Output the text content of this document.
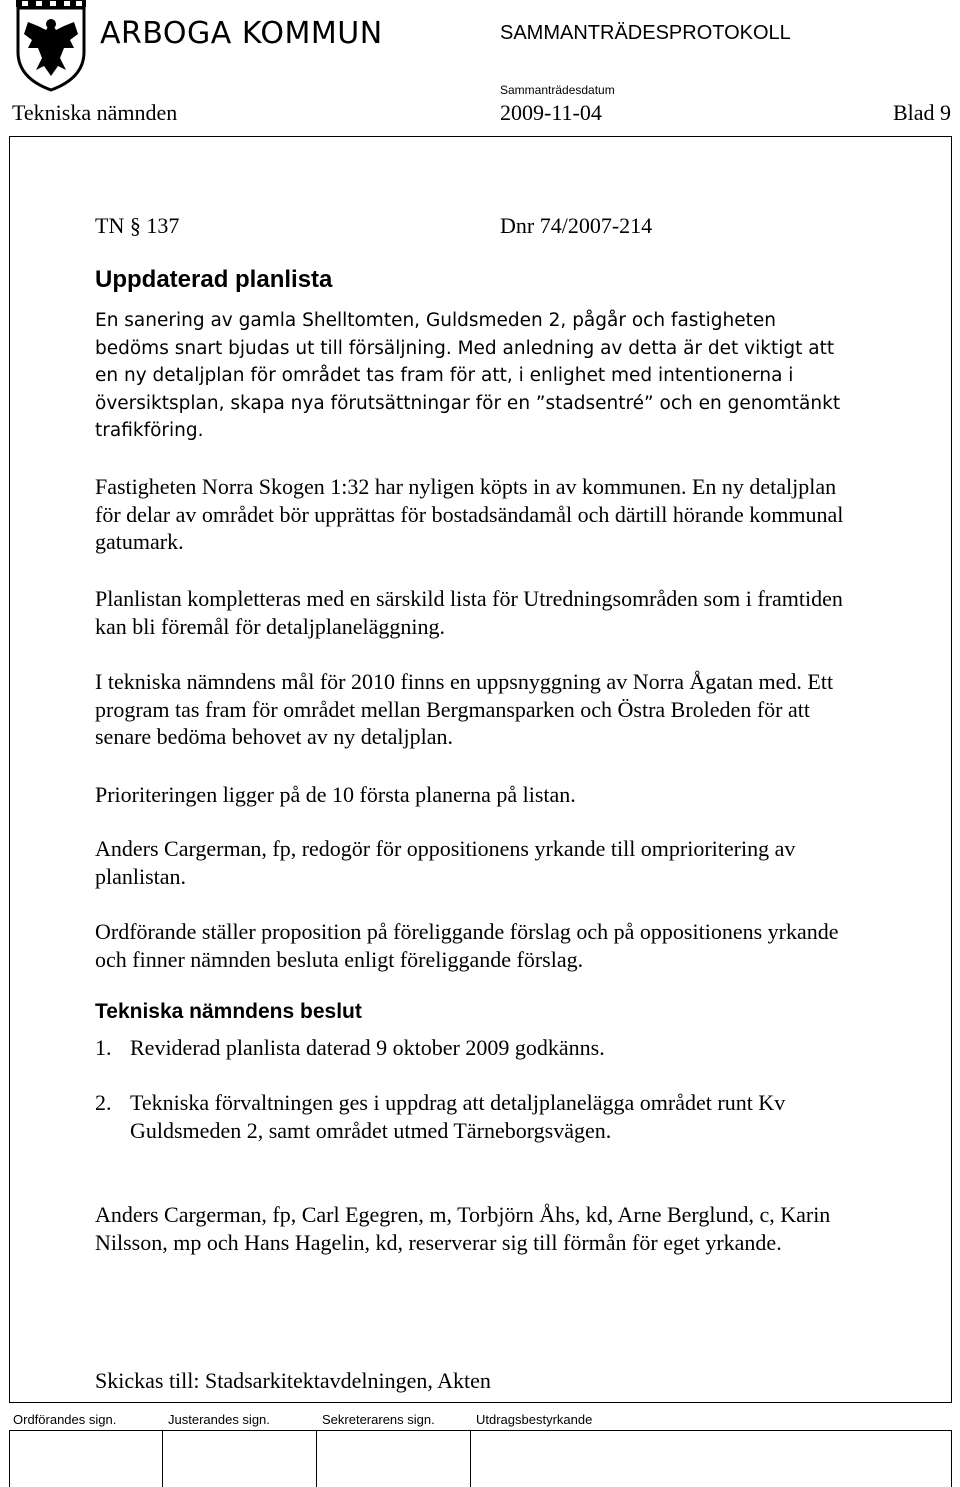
ARBOGA KOMMUN	SAMMANTRÄDESPROTOKOLL
Sammanträdesdatum
Tekniska nämnden	2009-11-04	Blad 9
TN § 137	Dnr 74/2007-214
Uppdaterad planlista

En sanering av gamla Shelltomten, Guldsmeden 2, pågår och fastigheten bedöms snart bjudas ut till försäljning. Med anledning av detta är det viktigt att en ny detaljplan för området tas fram för att, i enlighet med intentionerna i översiktsplan, skapa nya förutsättningar för en ”stadsentré” och en genomtänkt trafikföring.

Fastigheten Norra Skogen 1:32 har nyligen köpts in av kommunen. En ny detaljplan för delar av området bör upprättas för bostadsändamål och därtill hörande kommunal gatumark.

Planlistan kompletteras med en särskild lista för Utredningsområden som i framtiden kan bli föremål för detaljplaneläggning.

I tekniska nämndens mål för 2010 finns en uppsnyggning av Norra Ågatan med. Ett program tas fram för området mellan Bergmansparken och Östra Broleden för att senare bedöma behovet av ny detaljplan.

Prioriteringen ligger på de 10 första planerna på listan.

Anders Cargerman, fp, redogör för oppositionens yrkande till omprioritering av planlistan.

Ordförande ställer proposition på föreliggande förslag och på oppositionens yrkande och finner nämnden besluta enligt föreliggande förslag.

Tekniska nämndens beslut
1. Reviderad planlista daterad 9 oktober 2009 godkänns.
2. Tekniska förvaltningen ges i uppdrag att detaljplanelägga området runt Kv Guldsmeden 2, samt området utmed Tärneborgsvägen.

Anders Cargerman, fp, Carl Egegren, m, Torbjörn Åhs, kd, Arne Berglund, c, Karin Nilsson, mp och Hans Hagelin, kd, reserverar sig till förmån för eget yrkande.

Skickas till: Stadsarkitektavdelningen, Akten

Ordförandes sign.	Justerandes sign.	Sekreterarens sign.	Utdragsbestyrkande
